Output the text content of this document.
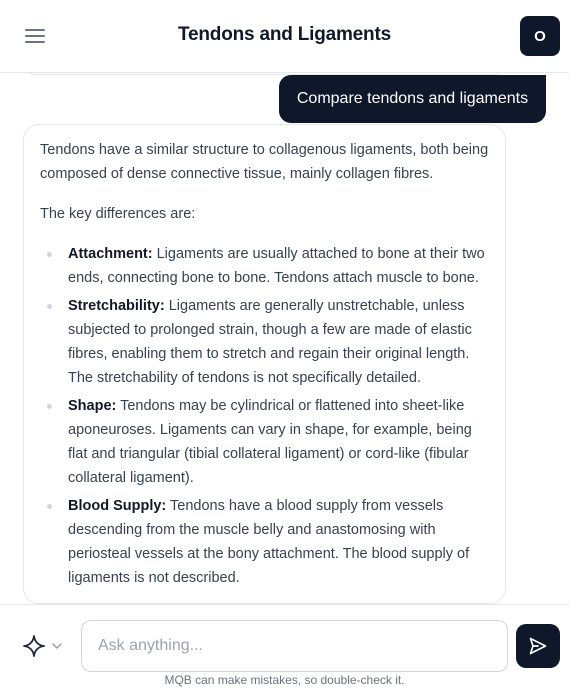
Tendons and Ligaments	O
Compare tendons and ligaments

Tendons have a similar structure to collagenous ligaments, both being composed of dense connective tissue, mainly collagen fibres.

The key differences are:

Attachment: Ligaments are usually attached to bone at their two ends, connecting bone to bone. Tendons attach muscle to bone.
Stretchability: Ligaments are generally unstretchable, unless subjected to prolonged strain, though a few are made of elastic fibres, enabling them to stretch and regain their original length. The stretchability of tendons is not specifically detailed.
Shape: Tendons may be cylindrical or flattened into sheet-like aponeuroses. Ligaments can vary in shape, for example, being flat and triangular (tibial collateral ligament) or cord-like (fibular collateral ligament).
Blood Supply: Tendons have a blood supply from vessels descending from the muscle belly and anastomosing with periosteal vessels at the bony attachment. The blood supply of ligaments is not described.
Ask anything...
MQB can make mistakes, so double-check it.
